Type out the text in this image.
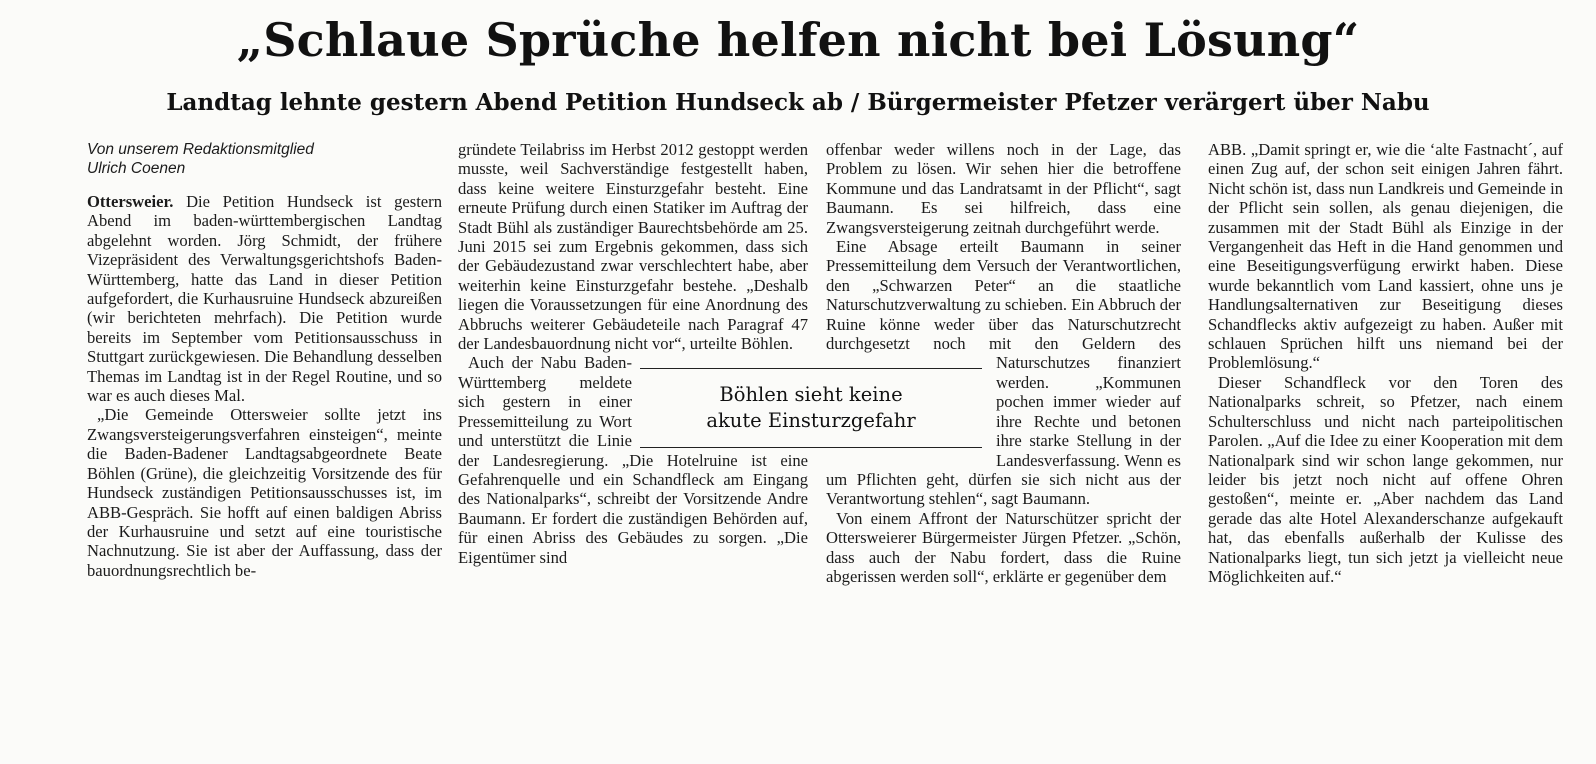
„Schlaue Sprüche helfen nicht bei Lösung“
Landtag lehnte gestern Abend Petition Hundseck ab / Bürgermeister Pfetzer verärgert über Nabu
Von unserem Redaktionsmitglied
Ulrich Coenen

Ottersweier. Die Petition Hundseck ist gestern Abend im baden-württembergischen Landtag abgelehnt worden. Jörg Schmidt, der frühere Vizepräsident des Verwaltungsgerichtshofs Baden-Württemberg, hatte das Land in dieser Petition aufgefordert, die Kurhausruine Hundseck abzureißen (wir berichteten mehrfach). Die Petition wurde bereits im September vom Petitionsausschuss in Stuttgart zurückgewiesen. Die Behandlung desselben Themas im Landtag ist in der Regel Routine, und so war es auch dieses Mal.

„Die Gemeinde Ottersweier sollte jetzt ins Zwangsversteigerungsverfahren einsteigen“, meinte die Baden-Badener Landtagsabgeordnete Beate Böhlen (Grüne), die gleichzeitig Vorsitzende des für Hundseck zuständigen Petitionsausschusses ist, im ABB-Gespräch. Sie hofft auf einen baldigen Abriss der Kurhausruine und setzt auf eine touristische Nachnutzung. Sie ist aber der Auffassung, dass der bauordnungsrechtlich be-

gründete Teilabriss im Herbst 2012 gestoppt werden musste, weil Sachverständige festgestellt haben, dass keine weitere Einsturzgefahr besteht. Eine erneute Prüfung durch einen Statiker im Auftrag der Stadt Bühl als zuständiger Baurechtsbehörde am 25. Juni 2015 sei zum Ergebnis gekommen, dass sich der Gebäudezustand zwar verschlechtert habe, aber weiterhin keine Einsturzgefahr bestehe. „Deshalb liegen die Voraussetzungen für eine Anordnung des Abbruchs weiterer Gebäudeteile nach Paragraf 47 der Landesbauordnung nicht vor“, urteilte Böhlen.

Auch der Nabu Baden-Württemberg meldete sich gestern in einer Pressemitteilung zu Wort und unterstützt die Linie der Landesregierung. „Die Hotelruine ist eine Gefahrenquelle und ein Schandfleck am Eingang des Nationalparks“, schreibt der Vorsitzende Andre Baumann. Er fordert die zuständigen Behörden auf, für einen Abriss des Gebäudes zu sorgen. „Die Eigentümer sind

offenbar weder willens noch in der Lage, das Problem zu lösen. Wir sehen hier die betroffene Kommune und das Landratsamt in der Pflicht“, sagt Baumann. Es sei hilfreich, dass eine Zwangsversteigerung zeitnah durchgeführt werde.

Eine Absage erteilt Baumann in seiner Pressemitteilung dem Versuch der Verantwortlichen, den „Schwarzen Peter“ an die staatliche Naturschutzverwaltung zu schieben. Ein Abbruch der Ruine könne weder über das Naturschutzrecht durchgesetzt noch mit den Geldern des Naturschutzes finanziert werden. „Kommunen pochen immer wieder auf ihre Rechte und betonen ihre starke Stellung in der Landesverfassung. Wenn es um Pflichten geht, dürfen sie sich nicht aus der Verantwortung stehlen“, sagt Baumann.

Von einem Affront der Naturschützer spricht der Ottersweierer Bürgermeister Jürgen Pfetzer. „Schön, dass auch der Nabu fordert, dass die Ruine abgerissen werden soll“, erklärte er gegenüber dem

ABB. „Damit springt er, wie die ‘alte Fastnacht´, auf einen Zug auf, der schon seit einigen Jahren fährt. Nicht schön ist, dass nun Landkreis und Gemeinde in der Pflicht sein sollen, als genau diejenigen, die zusammen mit der Stadt Bühl als Einzige in der Vergangenheit das Heft in die Hand genommen und eine Beseitigungsverfügung erwirkt haben. Diese wurde bekanntlich vom Land kassiert, ohne uns je Handlungsalternativen zur Beseitigung dieses Schandflecks aktiv aufgezeigt zu haben. Außer mit schlauen Sprüchen hilft uns niemand bei der Problemlösung.“

Dieser Schandfleck vor den Toren des Nationalparks schreit, so Pfetzer, nach einem Schulterschluss und nicht nach parteipolitischen Parolen. „Auf die Idee zu einer Kooperation mit dem Nationalpark sind wir schon lange gekommen, nur leider bis jetzt noch nicht auf offene Ohren gestoßen“, meinte er. „Aber nachdem das Land gerade das alte Hotel Alexanderschanze aufgekauft hat, das ebenfalls außerhalb der Kulisse des Nationalparks liegt, tun sich jetzt ja vielleicht neue Möglichkeiten auf.“

Böhlen sieht keine
akute Einsturzgefahr
